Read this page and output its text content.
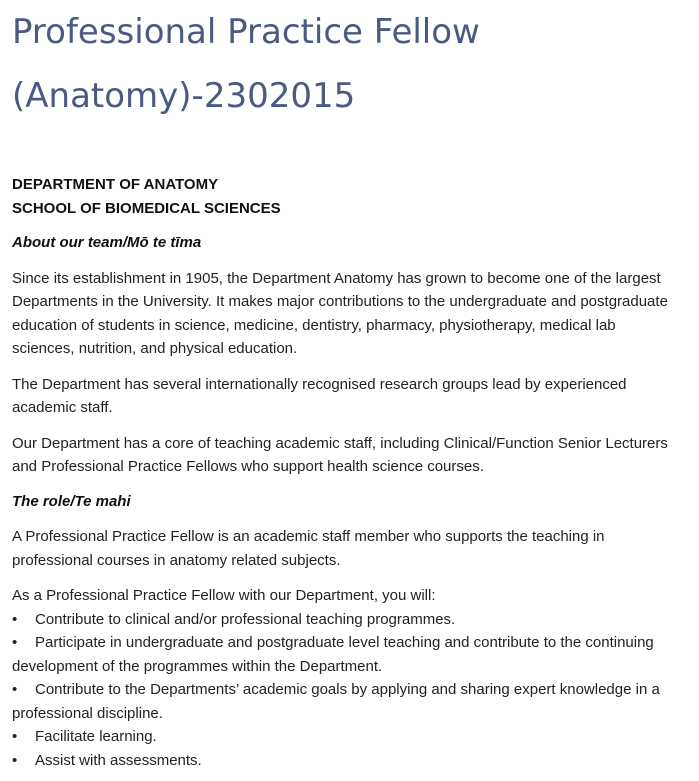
Professional Practice Fellow (Anatomy)-2302015
DEPARTMENT OF ANATOMY
SCHOOL OF BIOMEDICAL SCIENCES
About our team/Mō te tīma
Since its establishment in 1905, the Department Anatomy has grown to become one of the largest Departments in the University. It makes major contributions to the undergraduate and postgraduate education of students in science, medicine, dentistry, pharmacy, physiotherapy, medical lab sciences, nutrition, and physical education.
The Department has several internationally recognised research groups lead by experienced academic staff.
Our Department has a core of teaching academic staff, including Clinical/Function Senior Lecturers and Professional Practice Fellows who support health science courses.
The role/Te mahi
A Professional Practice Fellow is an academic staff member who supports the teaching in professional courses in anatomy related subjects.
As a Professional Practice Fellow with our Department, you will:
• Contribute to clinical and/or professional teaching programmes.
• Participate in undergraduate and postgraduate level teaching and contribute to the continuing development of the programmes within the Department.
• Contribute to the Departments’ academic goals by applying and sharing expert knowledge in a professional discipline.
• Facilitate learning.
• Assist with assessments.
